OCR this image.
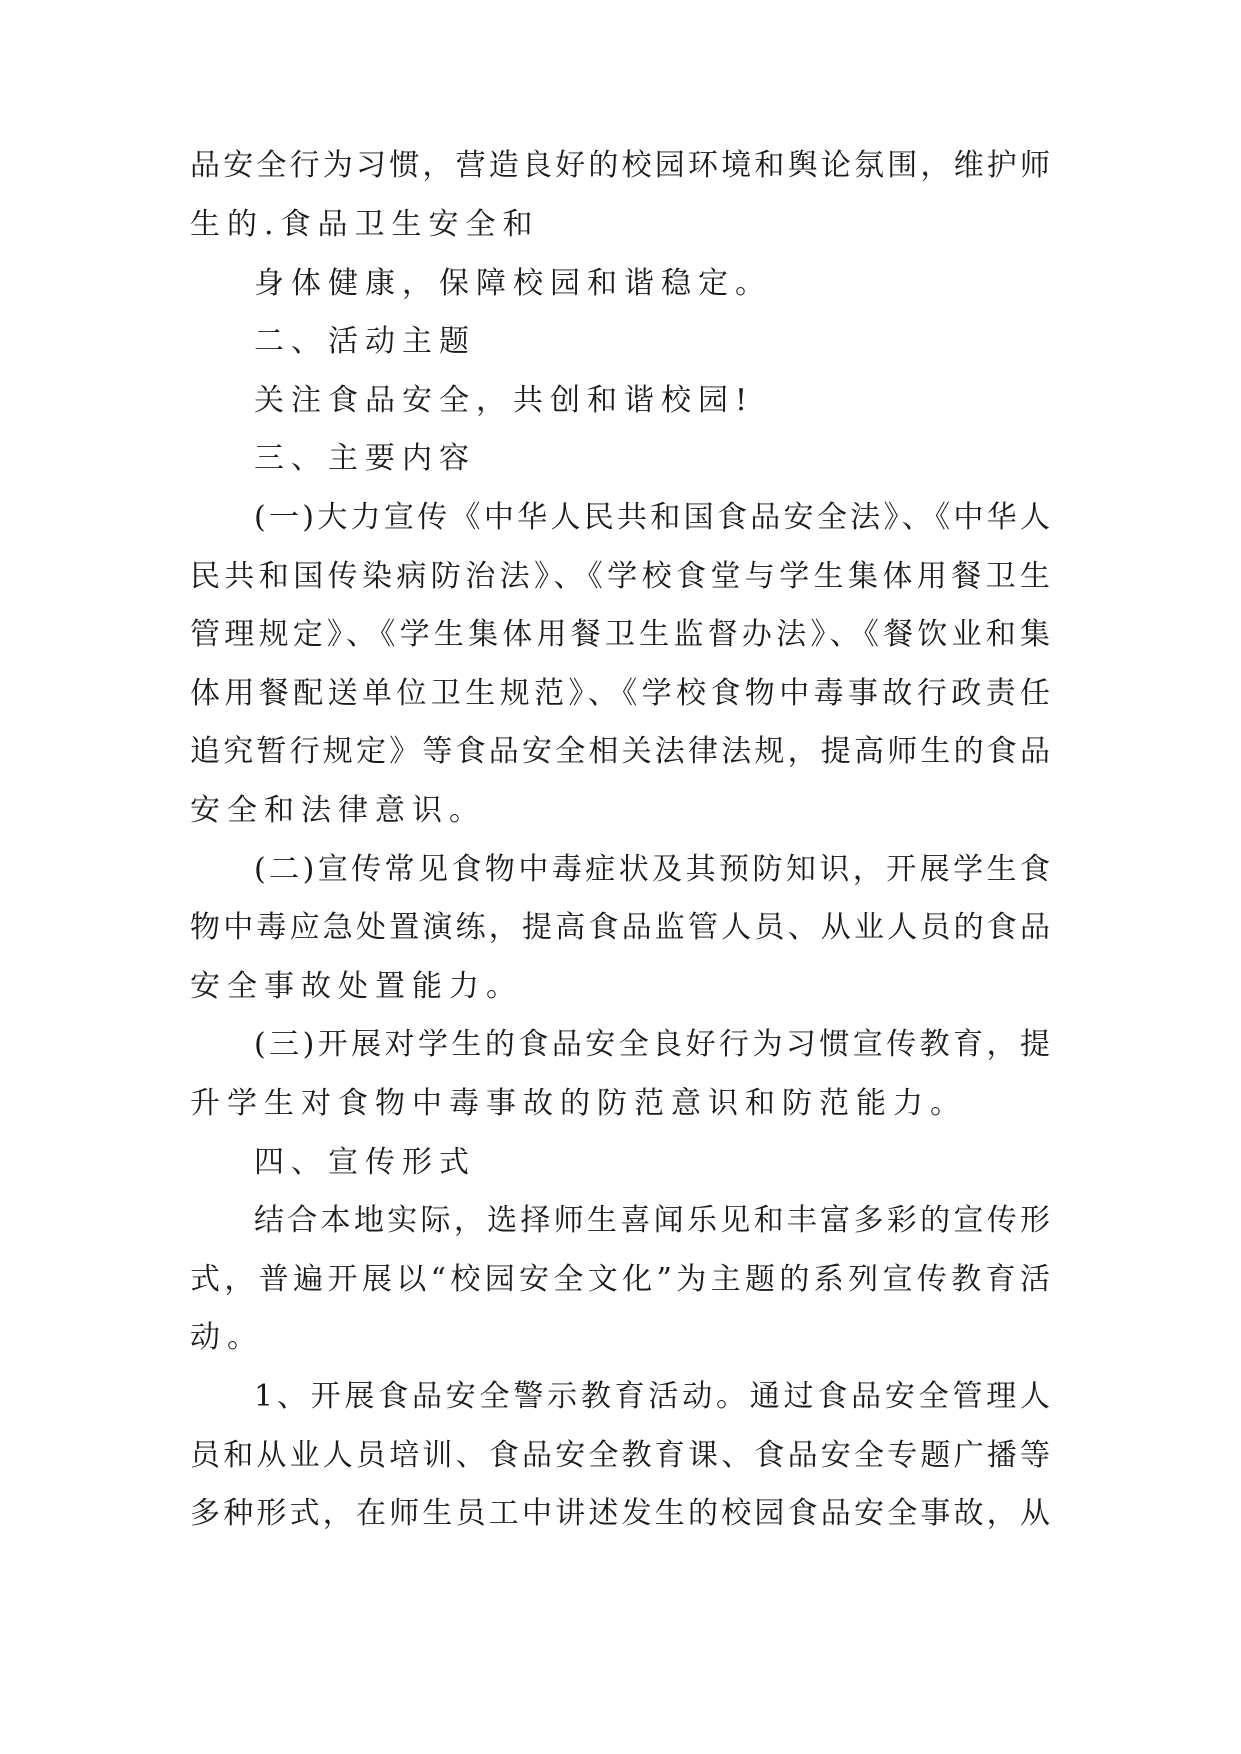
品安全行为习惯，营造良好的校园环境和舆论氛围，维护师
生的.食品卫生安全和
身体健康，保障校园和谐稳定。
二、活动主题
关注食品安全，共创和谐校园!
三、主要内容
(一)大力宣传《中华人民共和国食品安全法》、《中华人
民共和国传染病防治法》、《学校食堂与学生集体用餐卫生
管理规定》、《学生集体用餐卫生监督办法》、《餐饮业和集
体用餐配送单位卫生规范》、《学校食物中毒事故行政责任
追究暂行规定》等食品安全相关法律法规，提高师生的食品
安全和法律意识。
(二)宣传常见食物中毒症状及其预防知识，开展学生食
物中毒应急处置演练，提高食品监管人员、从业人员的食品
安全事故处置能力。
(三)开展对学生的食品安全良好行为习惯宣传教育，提
升学生对食物中毒事故的防范意识和防范能力。
四、宣传形式
结合本地实际，选择师生喜闻乐见和丰富多彩的宣传形
式，普遍开展以“校园安全文化”为主题的系列宣传教育活
动。
1、开展食品安全警示教育活动。通过食品安全管理人
员和从业人员培训、食品安全教育课、食品安全专题广播等
多种形式，在师生员工中讲述发生的校园食品安全事故，从
